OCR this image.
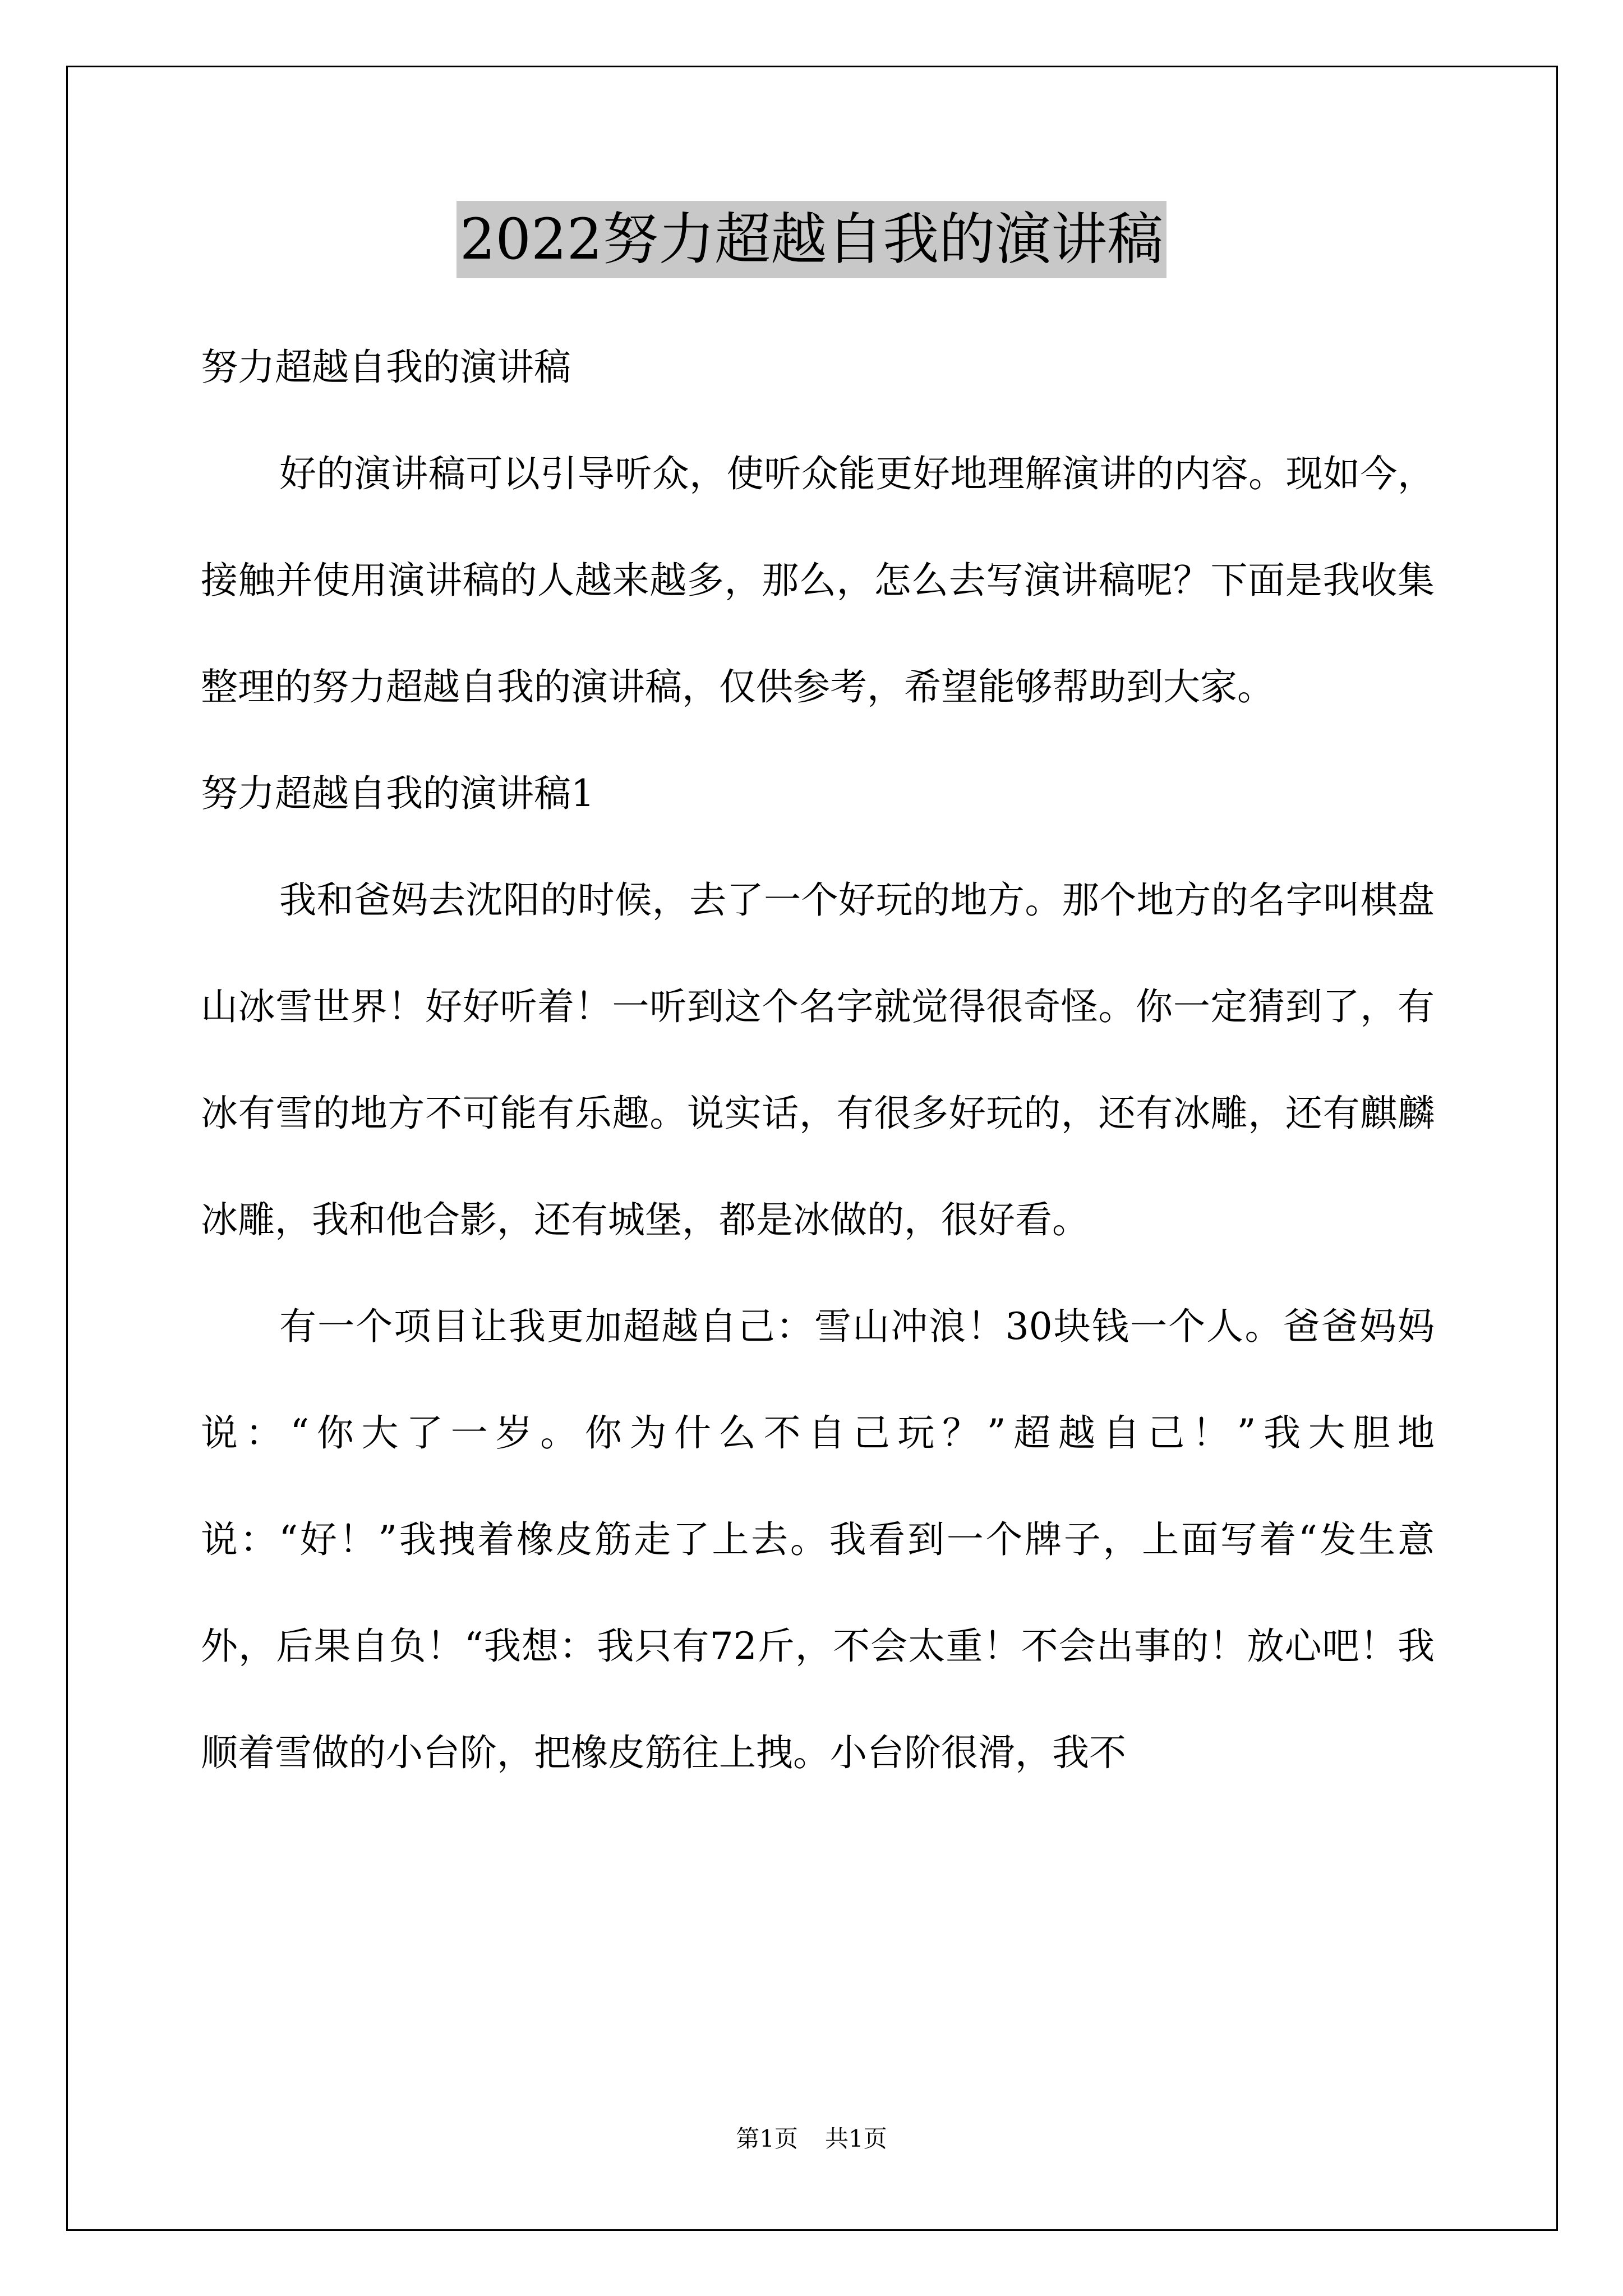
2022努力超越自我的演讲稿

努力超越自我的演讲稿

好的演讲稿可以引导听众，使听众能更好地理解演讲的内容。现如今，接触并使用演讲稿的人越来越多，那么，怎么去写演讲稿呢？下面是我收集整理的努力超越自我的演讲稿，仅供参考，希望能够帮助到大家。

努力超越自我的演讲稿1

我和爸妈去沈阳的时候，去了一个好玩的地方。那个地方的名字叫棋盘山冰雪世界！好好听着！一听到这个名字就觉得很奇怪。你一定猜到了，有冰有雪的地方不可能有乐趣。说实话，有很多好玩的，还有冰雕，还有麒麟冰雕，我和他合影，还有城堡，都是冰做的，很好看。

有一个项目让我更加超越自己：雪山冲浪！30块钱一个人。爸爸妈妈说：“你大了一岁。你为什么不自己玩？”超越自己！”我大胆地说：“好！”我拽着橡皮筋走了上去。我看到一个牌子，上面写着“发生意外，后果自负！“我想：我只有72斤，不会太重！不会出事的！放心吧！我顺着雪做的小台阶，把橡皮筋往上拽。小台阶很滑，我不

第1页 共1页
